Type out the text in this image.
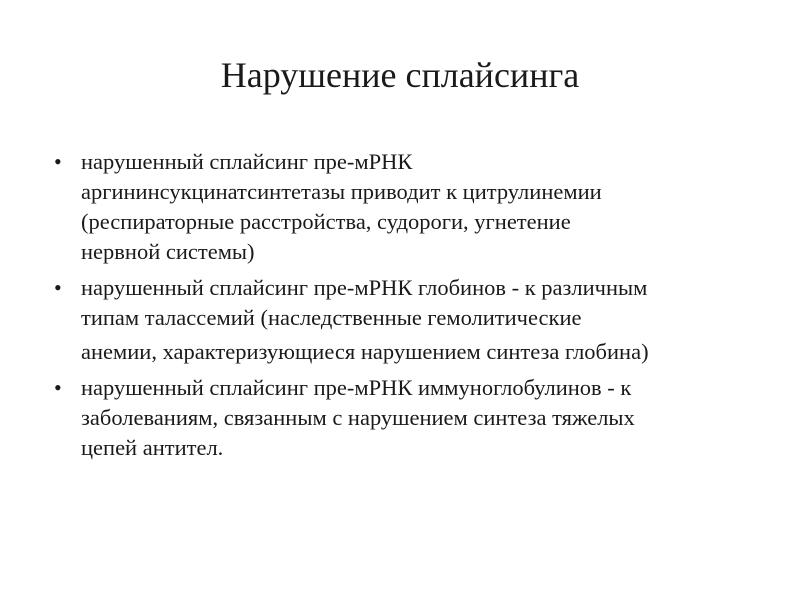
Нарушение сплайсинга
• нарушенный сплайсинг пре-мРНК
аргининсукцинатсинтетазы приводит к цитрулинемии
(респираторные расстройства, судороги, угнетение
нервной системы)
• нарушенный сплайсинг пре-мРНК глобинов - к различным
типам талассемий (наследственные гемолитические
анемии, характеризующиеся нарушением синтеза глобина)
• нарушенный сплайсинг пре-мРНК иммуноглобулинов - к
заболеваниям, связанным с нарушением синтеза тяжелых
цепей антител.
